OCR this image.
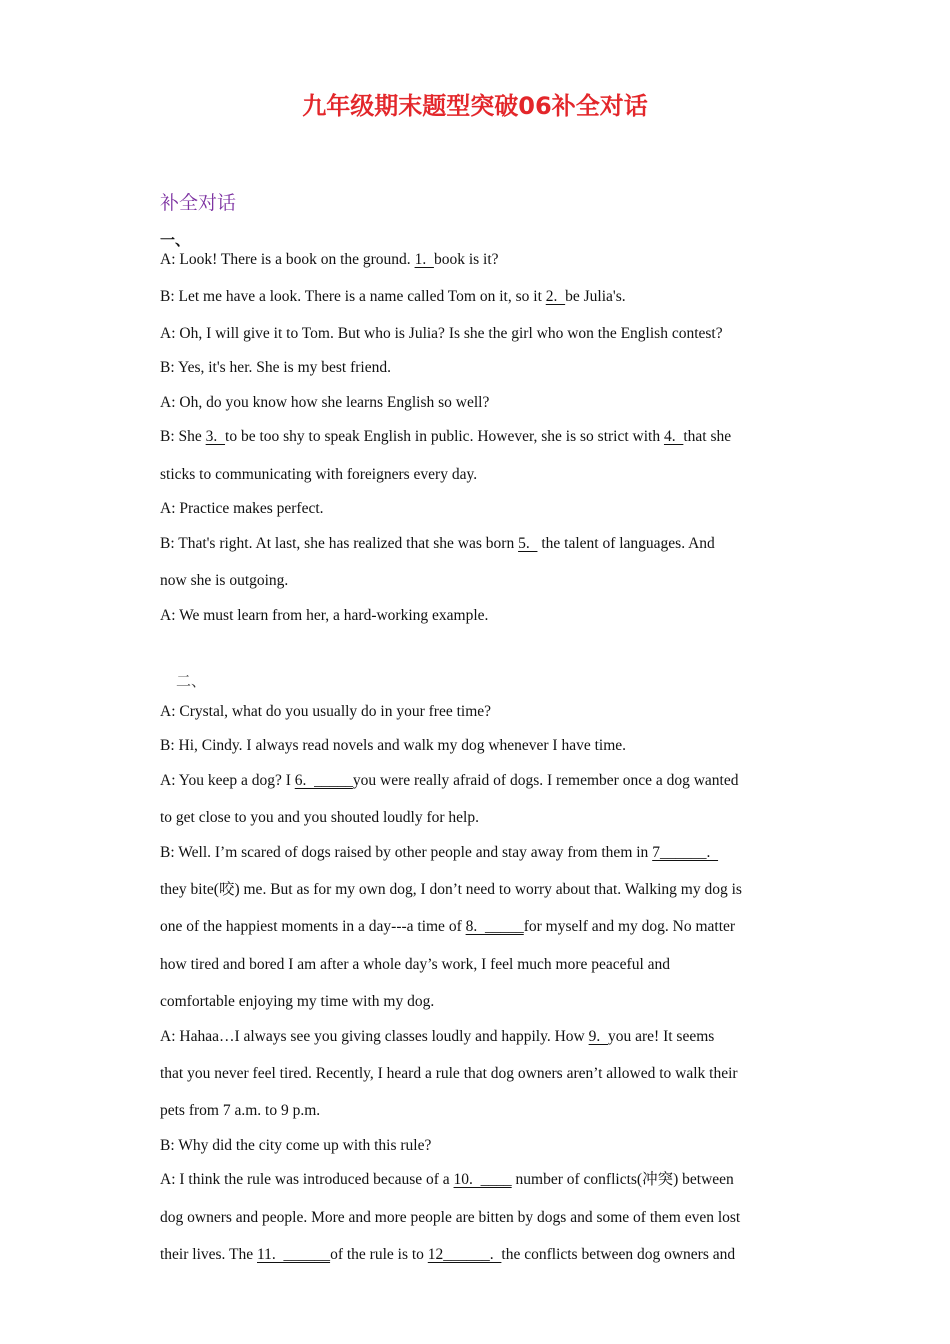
九年级期末题型突破06补全对话
补全对话
一、
A: Look! There is a book on the ground. 1.  book is it?
B: Let me have a look. There is a name called Tom on it, so it 2.  be Julia's.
A: Oh, I will give it to Tom. But who is Julia? Is she the girl who won the English contest?
B: Yes, it's her. She is my best friend.
A: Oh, do you know how she learns English so well?
B: She 3.  to be too shy to speak English in public. However, she is so strict with 4.  that she
sticks to communicating with foreigners every day.
A: Practice makes perfect.
B: That's right. At last, she has realized that she was born 5.   the talent of languages. And
now she is outgoing.
A: We must learn from her, a hard-working example.
二、
A: Crystal, what do you usually do in your free time?
B: Hi, Cindy. I always read novels and walk my dog whenever I have time.
A: You keep a dog? I 6.  _____you were really afraid of dogs. I remember once a dog wanted
to get close to you and you shouted loudly for help.
B: Well. I’m scared of dogs raised by other people and stay away from them in 7______.
they bite(咬) me. But as for my own dog, I don’t need to worry about that. Walking my dog is
one of the happiest moments in a day---a time of 8.  _____for myself and my dog. No matter
how tired and bored I am after a whole day’s work, I feel much more peaceful and
comfortable enjoying my time with my dog.
A: Hahaa…I always see you giving classes loudly and happily. How 9.  you are! It seems
that you never feel tired. Recently, I heard a rule that dog owners aren’t allowed to walk their
pets from 7 a.m. to 9 p.m.
B: Why did the city come up with this rule?
A: I think the rule was introduced because of a 10.  ____ number of conflicts(冲突) between
dog owners and people. More and more people are bitten by dogs and some of them even lost
their lives. The 11.  ______of the rule is to 12______.  the conflicts between dog owners and
